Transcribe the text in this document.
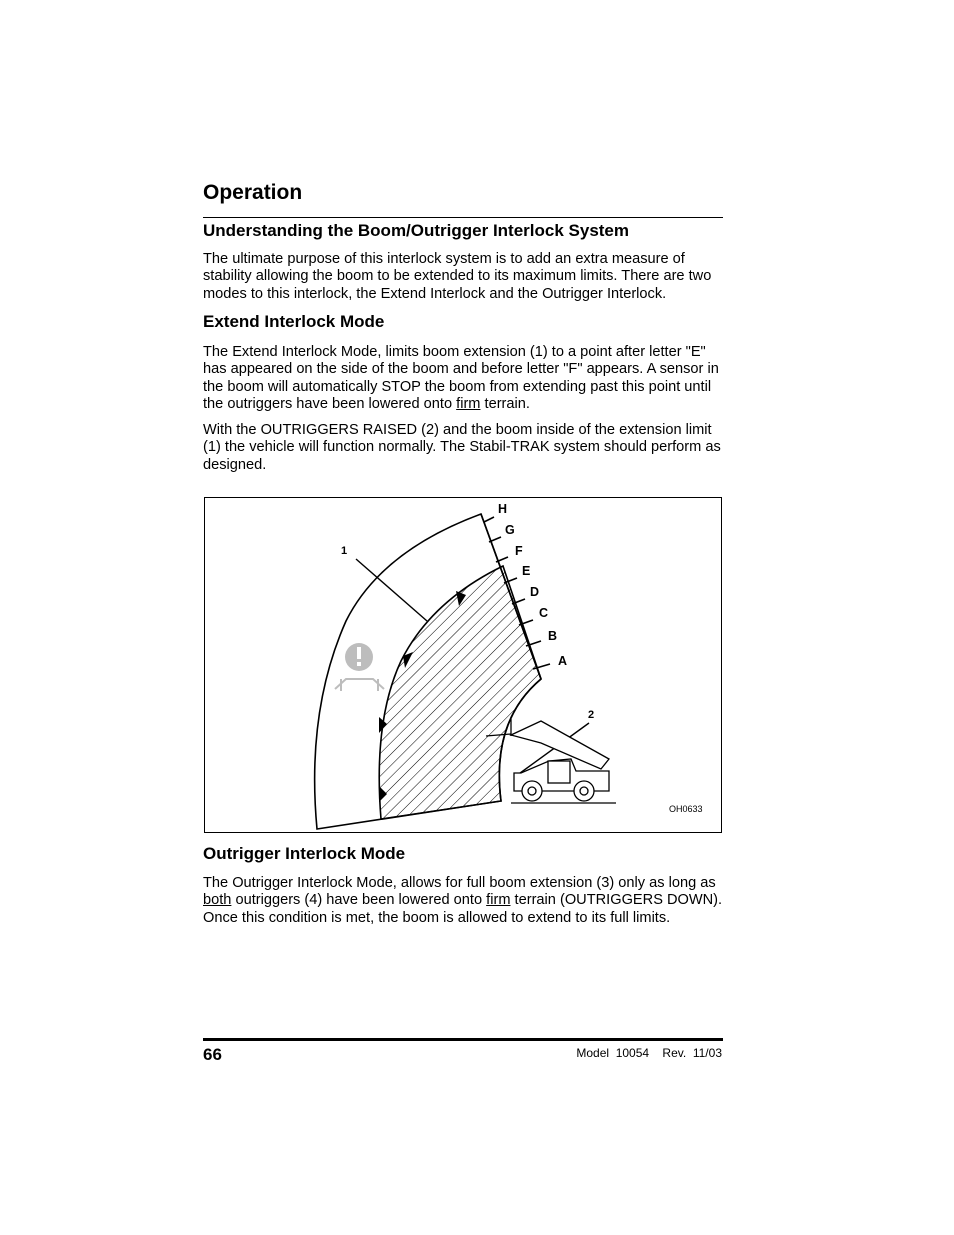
Operation
Understanding the Boom/Outrigger Interlock System

The ultimate purpose of this interlock system is to add an extra measure of stability allowing the boom to be extended to its maximum limits. There are two modes to this interlock, the Extend Interlock and the Outrigger Interlock.

Extend Interlock Mode

The Extend Interlock Mode, limits boom extension (1) to a point after letter "E" has appeared on the side of the boom and before letter "F" appears. A sensor in the boom will automatically STOP the boom from extending past this point until the outriggers have been lowered onto firm terrain.

With the OUTRIGGERS RAISED (2) and the boom inside of the extension limit (1) the vehicle will function normally. The Stabil-TRAK system should perform as designed.

H
G
F
E
D
C
B
A
1
2
OH0633
Outrigger Interlock Mode

The Outrigger Interlock Mode, allows for full boom extension (3) only as long as both outriggers (4) have been lowered onto firm terrain (OUTRIGGERS DOWN). Once this condition is met, the boom is allowed to extend to its full limits.

66	Model  10054    Rev.  11/03
